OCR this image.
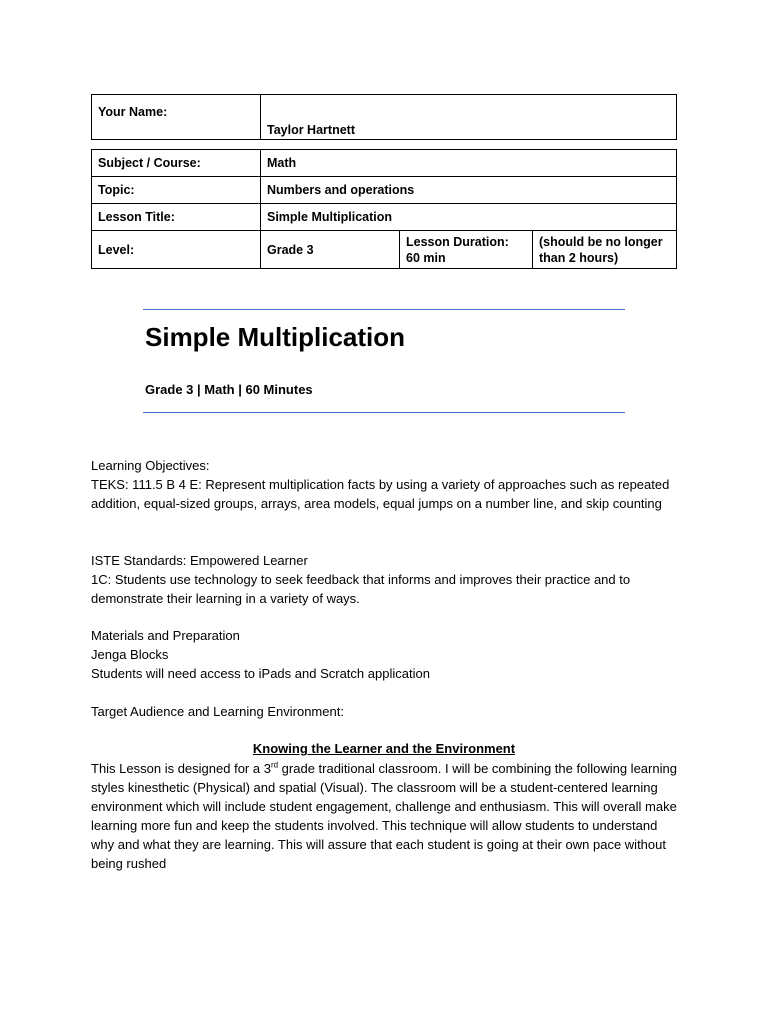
Your Name:	Taylor Hartnett
Subject / Course:	Math		
Topic:	Numbers and operations		
Lesson Title:	Simple Multiplication		
Level:	Grade 3	Lesson Duration: 60 min	(should be no longer than 2 hours)
Simple Multiplication
Grade 3 | Math | 60 Minutes

Learning Objectives:

TEKS: 111.5 B 4 E: Represent multiplication facts by using a variety of approaches such as repeated addition, equal-sized groups, arrays, area models, equal jumps on a number line, and skip counting

ISTE Standards: Empowered Learner

1C: Students use technology to seek feedback that informs and improves their practice and to demonstrate their learning in a variety of ways.

Materials and Preparation

Jenga Blocks

Students will need access to iPads and Scratch application

Target Audience and Learning Environment:

Knowing the Learner and the Environment

This Lesson is designed for a 3rd grade traditional classroom. I will be combining the following learning styles kinesthetic (Physical) and spatial (Visual). The classroom will be a student-centered learning environment which will include student engagement, challenge and enthusiasm. This will overall make learning more fun and keep the students involved. This technique will allow students to understand why and what they are learning. This will assure that each student is going at their own pace without being rushed
